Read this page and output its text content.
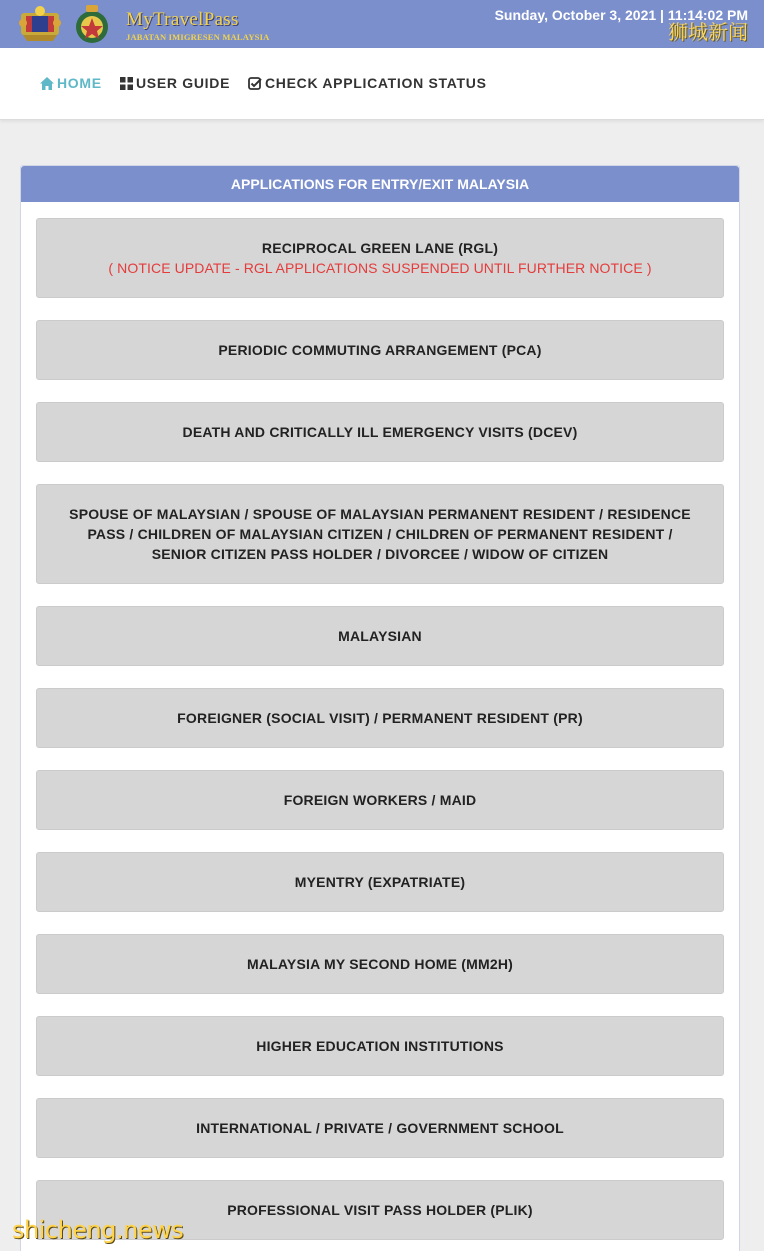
MyTravelPass
JABATAN IMIGRESEN MALAYSIA
Sunday, October 3, 2021 | 11:14:02 PM
狮城新闻
HOME USER GUIDE CHECK APPLICATION STATUS
APPLICATIONS FOR ENTRY/EXIT MALAYSIA
RECIPROCAL GREEN LANE (RGL)
( NOTICE UPDATE - RGL APPLICATIONS SUSPENDED UNTIL FURTHER NOTICE )
PERIODIC COMMUTING ARRANGEMENT (PCA)
DEATH AND CRITICALLY ILL EMERGENCY VISITS (DCEV)
SPOUSE OF MALAYSIAN / SPOUSE OF MALAYSIAN PERMANENT RESIDENT / RESIDENCE PASS / CHILDREN OF MALAYSIAN CITIZEN / CHILDREN OF PERMANENT RESIDENT / SENIOR CITIZEN PASS HOLDER / DIVORCEE / WIDOW OF CITIZEN
MALAYSIAN
FOREIGNER (SOCIAL VISIT) / PERMANENT RESIDENT (PR)
FOREIGN WORKERS / MAID
MYENTRY (EXPATRIATE)
MALAYSIA MY SECOND HOME (MM2H)
HIGHER EDUCATION INSTITUTIONS
INTERNATIONAL / PRIVATE / GOVERNMENT SCHOOL
PROFESSIONAL VISIT PASS HOLDER (PLIK)
shicheng.news
